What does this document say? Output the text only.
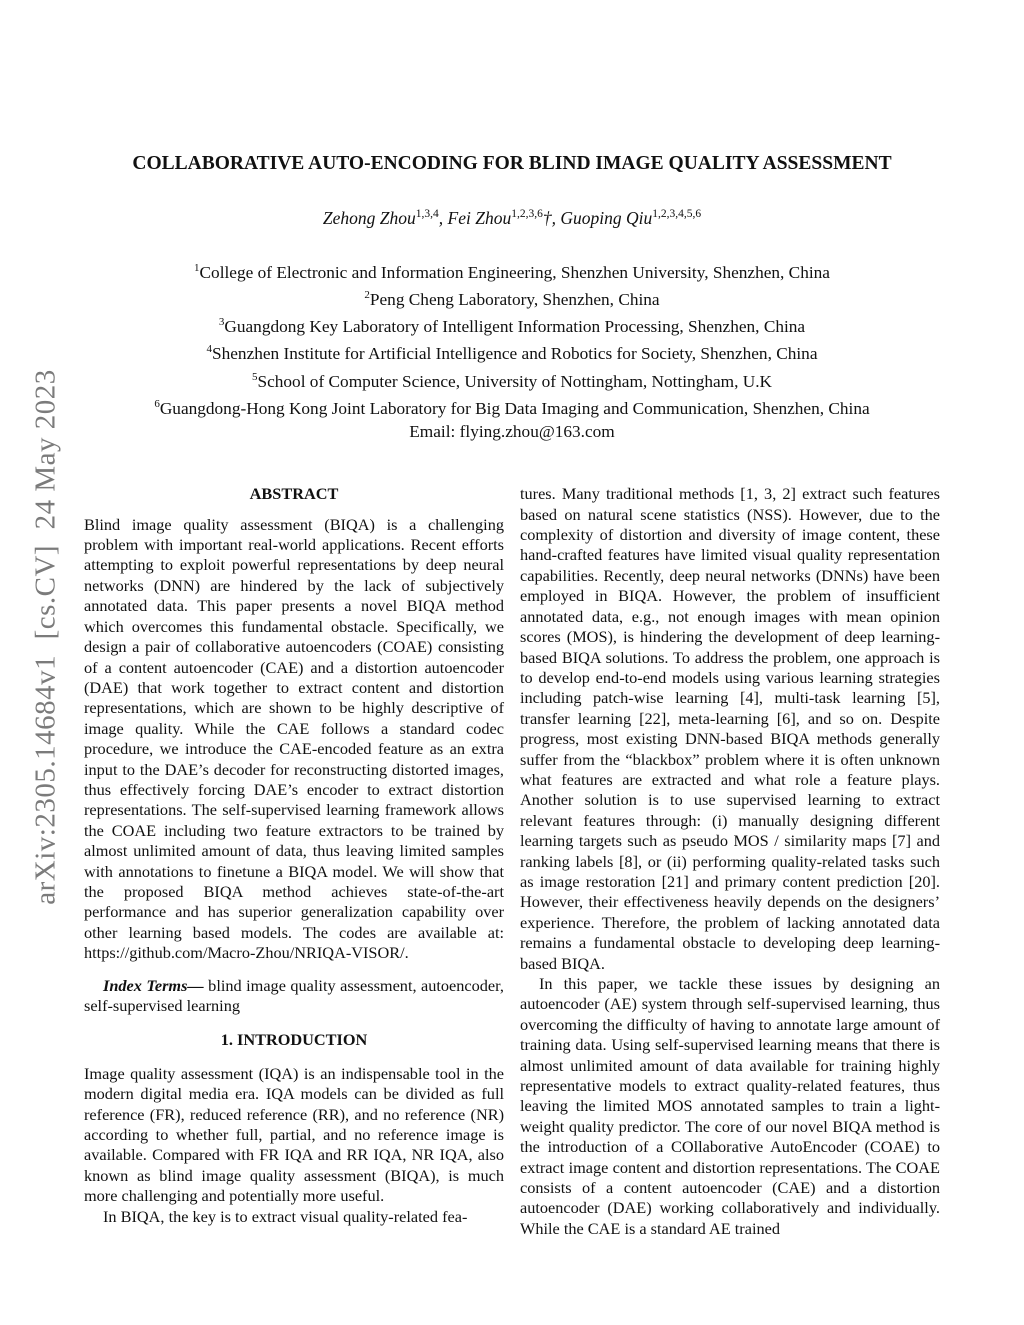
arXiv:2305.14684v1  [cs.CV]  24 May 2023
COLLABORATIVE AUTO-ENCODING FOR BLIND IMAGE QUALITY ASSESSMENT
Zehong Zhou$^{1,3,4}$, Fei Zhou$^{1,2,3,6}$†, Guoping Qiu$^{1,2,3,4,5,6}$
$^1$College of Electronic and Information Engineering, Shenzhen University, Shenzhen, China
$^2$Peng Cheng Laboratory, Shenzhen, China
$^3$Guangdong Key Laboratory of Intelligent Information Processing, Shenzhen, China
$^4$Shenzhen Institute for Artificial Intelligence and Robotics for Society, Shenzhen, China
$^5$School of Computer Science, University of Nottingham, Nottingham, U.K
$^6$Guangdong-Hong Kong Joint Laboratory for Big Data Imaging and Communication, Shenzhen, China
Email: flying.zhou@163.com
ABSTRACT

Blind image quality assessment (BIQA) is a challenging problem with important real-world applications. Recent efforts attempting to exploit powerful representations by deep neural networks (DNN) are hindered by the lack of subjectively annotated data. This paper presents a novel BIQA method which overcomes this fundamental obstacle. Specifically, we design a pair of collaborative autoencoders (COAE) consisting of a content autoencoder (CAE) and a distortion autoencoder (DAE) that work together to extract content and distortion representations, which are shown to be highly descriptive of image quality. While the CAE follows a standard codec procedure, we introduce the CAE-encoded feature as an extra input to the DAE’s decoder for reconstructing distorted images, thus effectively forcing DAE’s encoder to extract distortion representations. The self-supervised learning framework allows the COAE including two feature extractors to be trained by almost unlimited amount of data, thus leaving limited samples with annotations to finetune a BIQA model. We will show that the proposed BIQA method achieves state-of-the-art performance and has superior generalization capability over other learning based models. The codes are available at: https://github.com/Macro-Zhou/NRIQA-VISOR/.

Index Terms— blind image quality assessment, autoencoder, self-supervised learning

1. INTRODUCTION

Image quality assessment (IQA) is an indispensable tool in the modern digital media era. IQA models can be divided as full reference (FR), reduced reference (RR), and no reference (NR) according to whether full, partial, and no reference image is available. Compared with FR IQA and RR IQA, NR IQA, also known as blind image quality assessment (BIQA), is much more challenging and potentially more useful.

In BIQA, the key is to extract visual quality-related fea-

tures. Many traditional methods [1, 3, 2] extract such features based on natural scene statistics (NSS). However, due to the complexity of distortion and diversity of image content, these hand-crafted features have limited visual quality representation capabilities. Recently, deep neural networks (DNNs) have been employed in BIQA. However, the problem of insufficient annotated data, e.g., not enough images with mean opinion scores (MOS), is hindering the development of deep learning-based BIQA solutions. To address the problem, one approach is to develop end-to-end models using various learning strategies including patch-wise learning [4], multi-task learning [5], transfer learning [22], meta-learning [6], and so on. Despite progress, most existing DNN-based BIQA methods generally suffer from the “blackbox” problem where it is often unknown what features are extracted and what role a feature plays. Another solution is to use supervised learning to extract relevant features through: (i) manually designing different learning targets such as pseudo MOS / similarity maps [7] and ranking labels [8], or (ii) performing quality-related tasks such as image restoration [21] and primary content prediction [20]. However, their effectiveness heavily depends on the designers’ experience. Therefore, the problem of lacking annotated data remains a fundamental obstacle to developing deep learning-based BIQA.

In this paper, we tackle these issues by designing an autoencoder (AE) system through self-supervised learning, thus overcoming the difficulty of having to annotate large amount of training data. Using self-supervised learning means that there is almost unlimited amount of data available for training highly representative models to extract quality-related features, thus leaving the limited MOS annotated samples to train a light-weight quality predictor. The core of our novel BIQA method is the introduction of a COllaborative AutoEncoder (COAE) to extract image content and distortion representations. The COAE consists of a content autoencoder (CAE) and a distortion autoencoder (DAE) working collaboratively and individually. While the CAE is a standard AE trained
